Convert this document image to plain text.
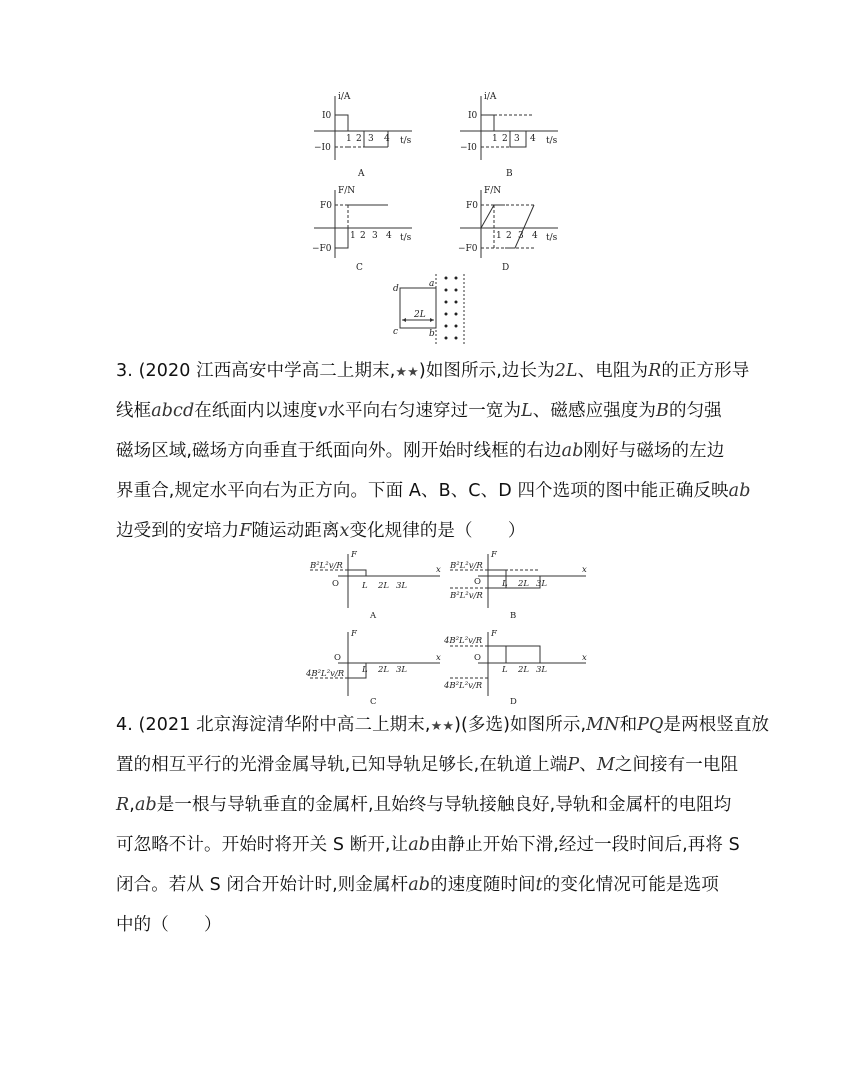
i/A
I0
−I0
t/s
1 2 3 4
A
i/A
I0
−I0
t/s
1 2 3 4
B
F/N
F0
−F0
t/s
1 2 3 4
C
F/N
F0
−F0
t/s
1 2 3 4
D
d	a
c	b
2L
3.
(2020 江西高安中学高二上期末, ★★ )如图所示,边长为 2L 、电阻为 R 的正方形导
线框 abcd 在纸面内以速度 v 水平向右匀速穿过一宽为 L 、磁感应强度为 B 的匀强
磁场区域,磁场方向垂直于纸面向外。刚开始时线框的右边 ab 刚好与磁场的左边
界重合,规定水平向右为正方向。下面 A、B、C、D 四个选项的图中能正确反映 ab
边受到的安培力 F 随运动距离 x 变化规律的是（　　）
F
B²L²v/R
O	L 2L 3L
x
A
F
B²L²v/R
B²L²v/R
O L 2L 3L
x
B
F
O
4B²L²v/R L 2L 3L
x
C
F
4B²L²v/R
O
4B²L²v/R
L 2L 3L
x
D
4. (2021 北京海淀清华附中高二上期末, ★★ )(多选)如图所示, MN 和 PQ 是两根竖直放
置的相互平行的光滑金属导轨,已知导轨足够长,在轨道上端 P 、 M 之间接有一电阻
R , ab 是一根与导轨垂直的金属杆,且始终与导轨接触良好,导轨和金属杆的电阻均
可忽略不计。开始时将开关 S 断开,让 ab 由静止开始下滑,经过一段时间后,再将 S
闭合。若从 S 闭合开始计时,则金属杆 ab 的速度随时间 t 的变化情况可能是选项
中的（　　）
